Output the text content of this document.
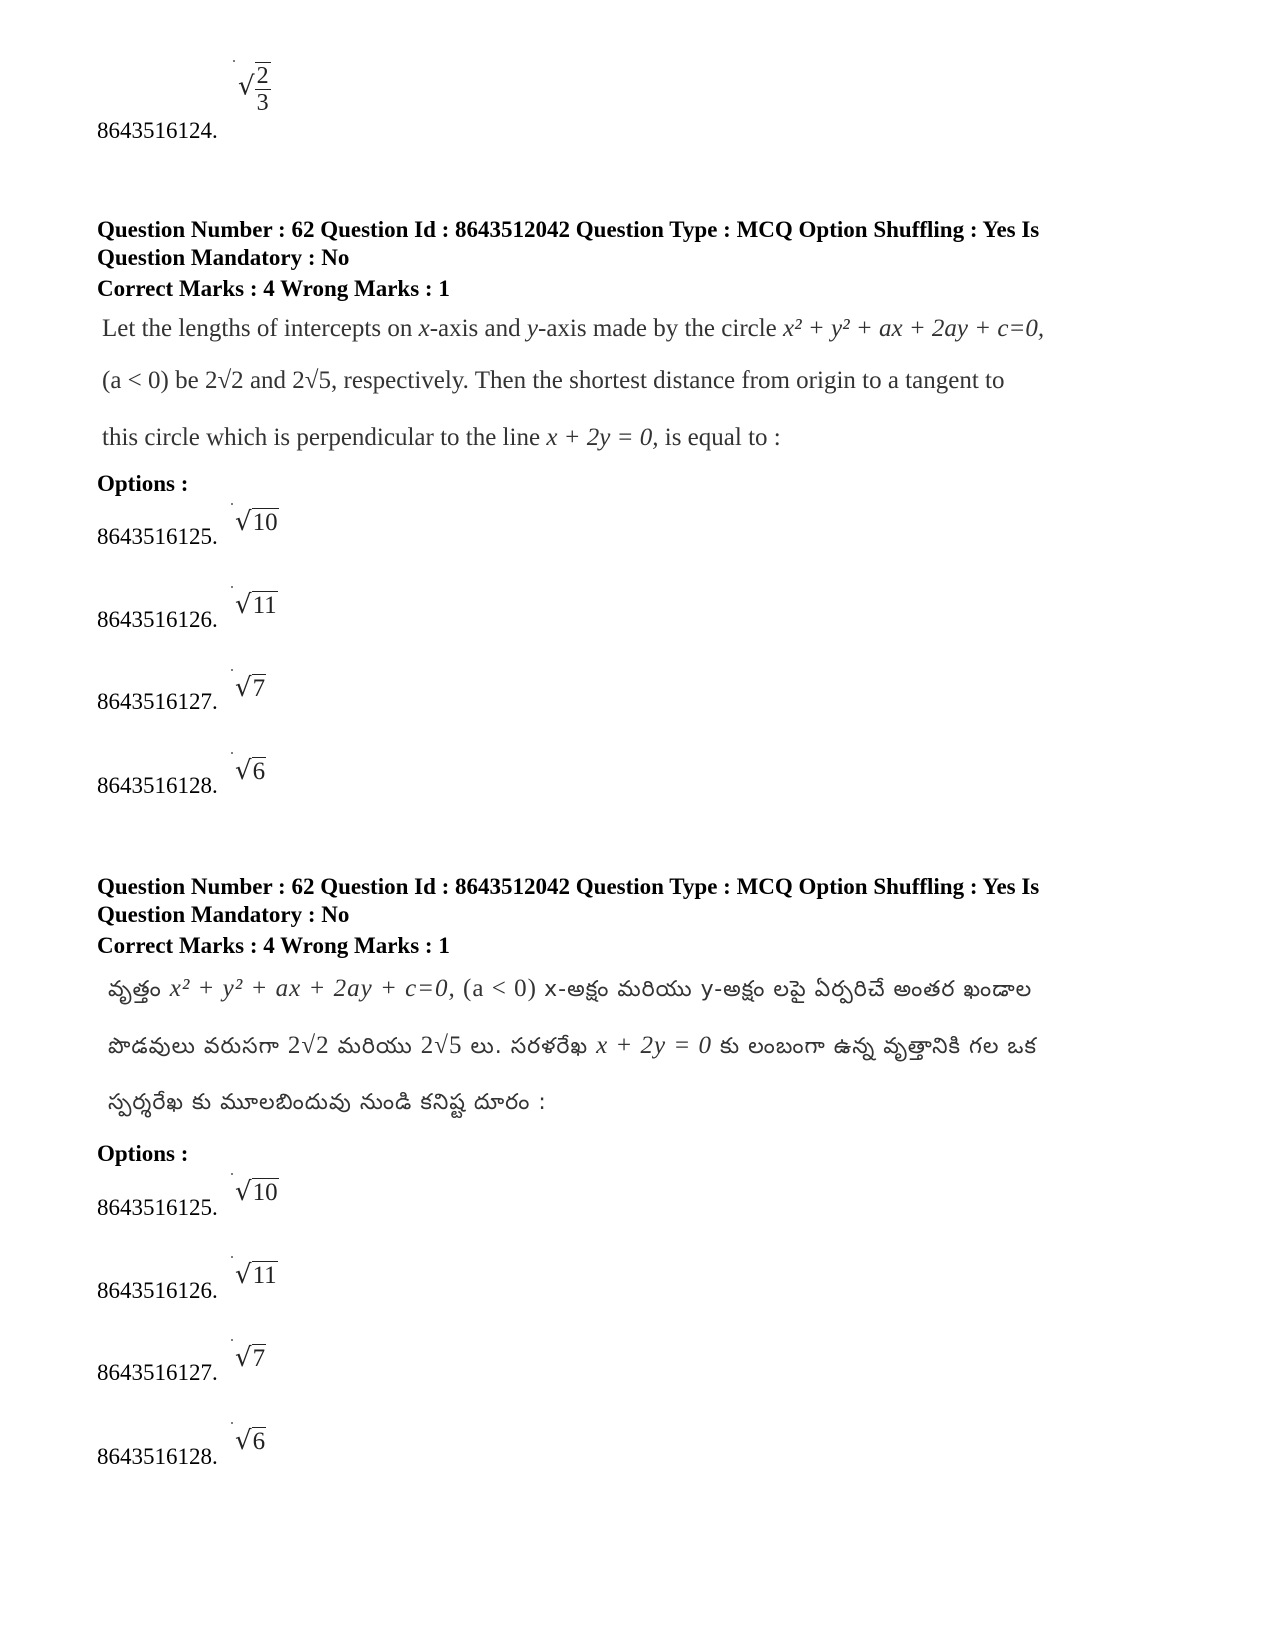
8643516124.
√ $\frac{2}{3}$
Question Number : 62 Question Id : 8643512042 Question Type : MCQ Option Shuffling : Yes Is
Question Mandatory : No
Correct Marks : 4 Wrong Marks : 1
Let the lengths of intercepts on x-axis and y-axis made by the circle x² + y² + ax + 2ay + c=0,
(a < 0) be 2√2 and 2√5, respectively. Then the shortest distance from origin to a tangent to
this circle which is perpendicular to the line x + 2y = 0, is equal to :
Options :
8643516125. √10
8643516126. √11
8643516127. √7
8643516128. √6
Question Number : 62 Question Id : 8643512042 Question Type : MCQ Option Shuffling : Yes Is
Question Mandatory : No
Correct Marks : 4 Wrong Marks : 1
వృత్తం x² + y² + ax + 2ay + c=0, (a < 0) x-అక్షం మరియు y-అక్షం లపై ఏర్పరిచే అంతర ఖండాల
పొడవులు వరుసగా 2√2 మరియు 2√5 లు. సరళరేఖ x + 2y = 0 కు లంబంగా ఉన్న వృత్తానికి గల ఒక
స్పర్శరేఖ కు మూలబిందువు నుండి కనిష్ట దూరం :
Options :
8643516125.
√10
8643516126.
√11
8643516127. √7
8643516128.
√6
